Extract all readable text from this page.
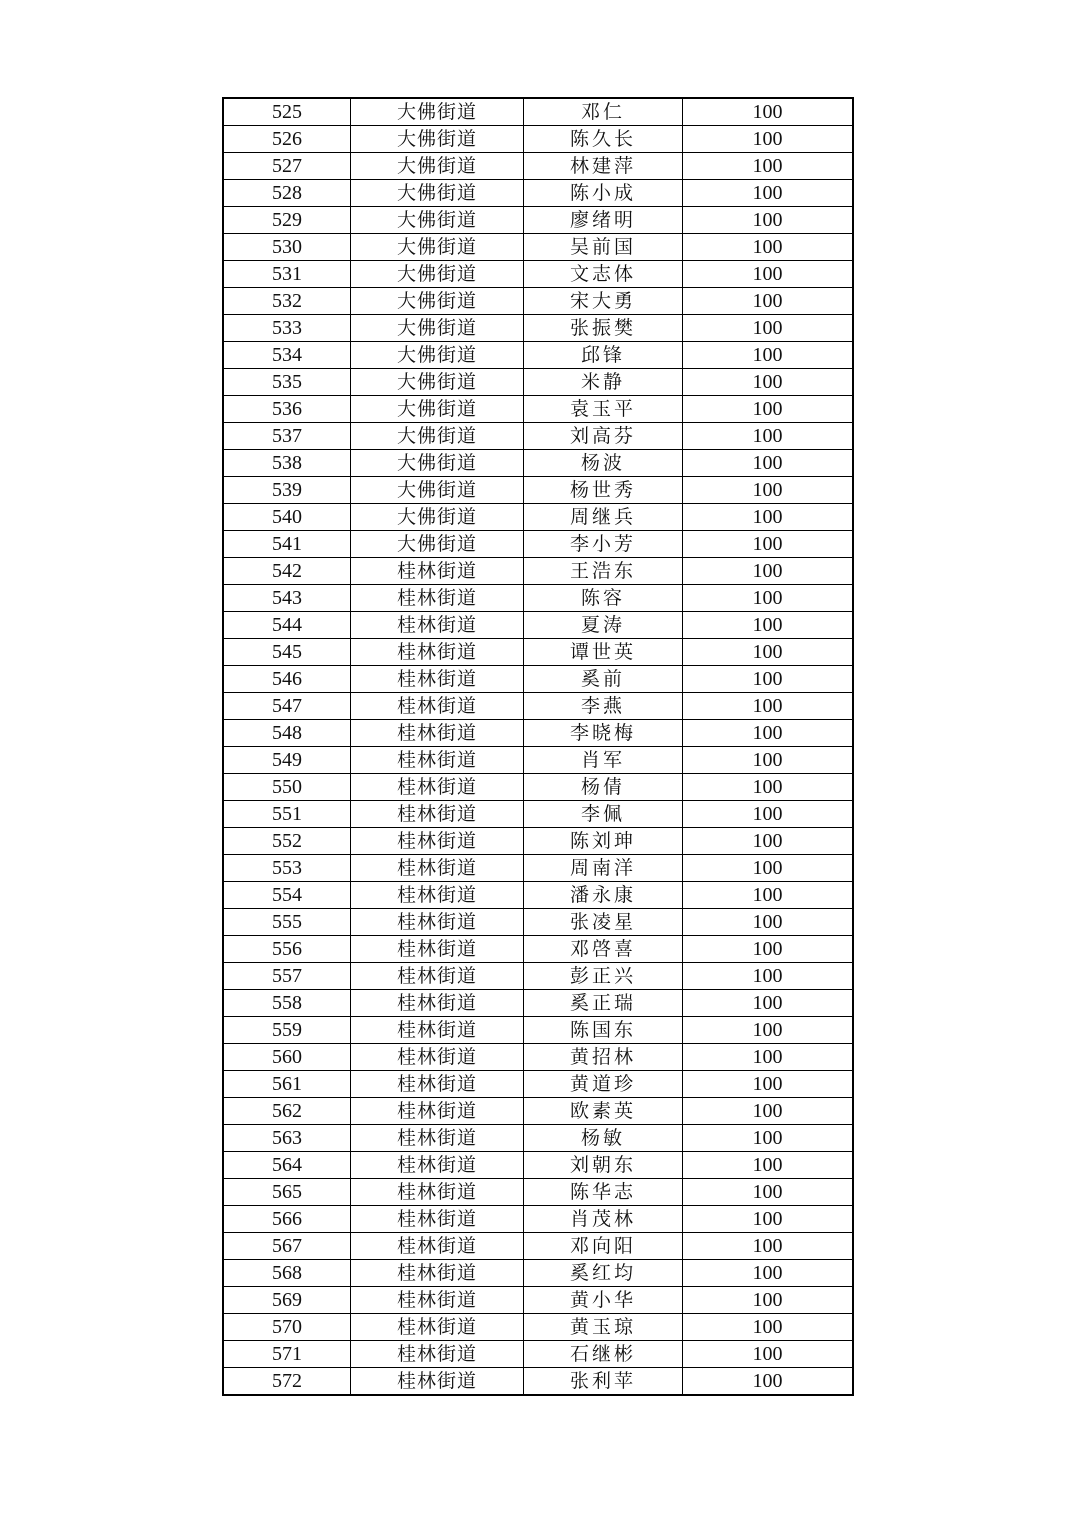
525	大佛街道	邓仁	100
526	大佛街道	陈久长	100
527	大佛街道	林建萍	100
528	大佛街道	陈小成	100
529	大佛街道	廖绪明	100
530	大佛街道	吴前国	100
531	大佛街道	文志体	100
532	大佛街道	宋大勇	100
533	大佛街道	张振樊	100
534	大佛街道	邱锋	100
535	大佛街道	米静	100
536	大佛街道	袁玉平	100
537	大佛街道	刘高芬	100
538	大佛街道	杨波	100
539	大佛街道	杨世秀	100
540	大佛街道	周继兵	100
541	大佛街道	李小芳	100
542	桂林街道	王浩东	100
543	桂林街道	陈容	100
544	桂林街道	夏涛	100
545	桂林街道	谭世英	100
546	桂林街道	奚前	100
547	桂林街道	李燕	100
548	桂林街道	李晓梅	100
549	桂林街道	肖军	100
550	桂林街道	杨倩	100
551	桂林街道	李佩	100
552	桂林街道	陈刘珅	100
553	桂林街道	周南洋	100
554	桂林街道	潘永康	100
555	桂林街道	张凌星	100
556	桂林街道	邓啓喜	100
557	桂林街道	彭正兴	100
558	桂林街道	奚正瑞	100
559	桂林街道	陈国东	100
560	桂林街道	黄招林	100
561	桂林街道	黄道珍	100
562	桂林街道	欧素英	100
563	桂林街道	杨敏	100
564	桂林街道	刘朝东	100
565	桂林街道	陈华志	100
566	桂林街道	肖茂林	100
567	桂林街道	邓向阳	100
568	桂林街道	奚红均	100
569	桂林街道	黄小华	100
570	桂林街道	黄玉琼	100
571	桂林街道	石继彬	100
572	桂林街道	张利苹	100
